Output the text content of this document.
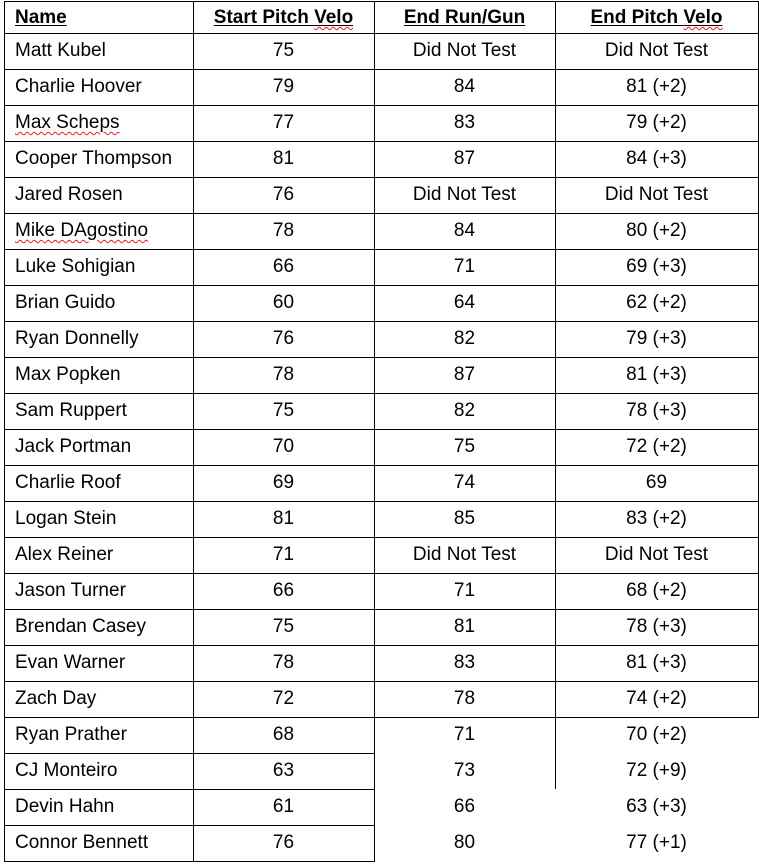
Name	Start Pitch Velo	End Run/Gun	End Pitch Velo
Matt Kubel	75	Did Not Test	Did Not Test
Charlie Hoover	79	84	81 (+2)
Max Scheps	77	83	79 (+2)
Cooper Thompson	81	87	84 (+3)
Jared Rosen	76	Did Not Test	Did Not Test
Mike DAgostino	78	84	80 (+2)
Luke Sohigian	66	71	69 (+3)
Brian Guido	60	64	62 (+2)
Ryan Donnelly	76	82	79 (+3)
Max Popken	78	87	81 (+3)
Sam Ruppert	75	82	78 (+3)
Jack Portman	70	75	72 (+2)
Charlie Roof	69	74	69
Logan Stein	81	85	83 (+2)
Alex Reiner	71	Did Not Test	Did Not Test
Jason Turner	66	71	68 (+2)
Brendan Casey	75	81	78 (+3)
Evan Warner	78	83	81 (+3)
Zach Day	72	78	74 (+2)
Ryan Prather	68	71	70 (+2)
CJ Monteiro	63	73	72 (+9)
Devin Hahn	61	66	63 (+3)
Connor Bennett	76	80	77 (+1)
